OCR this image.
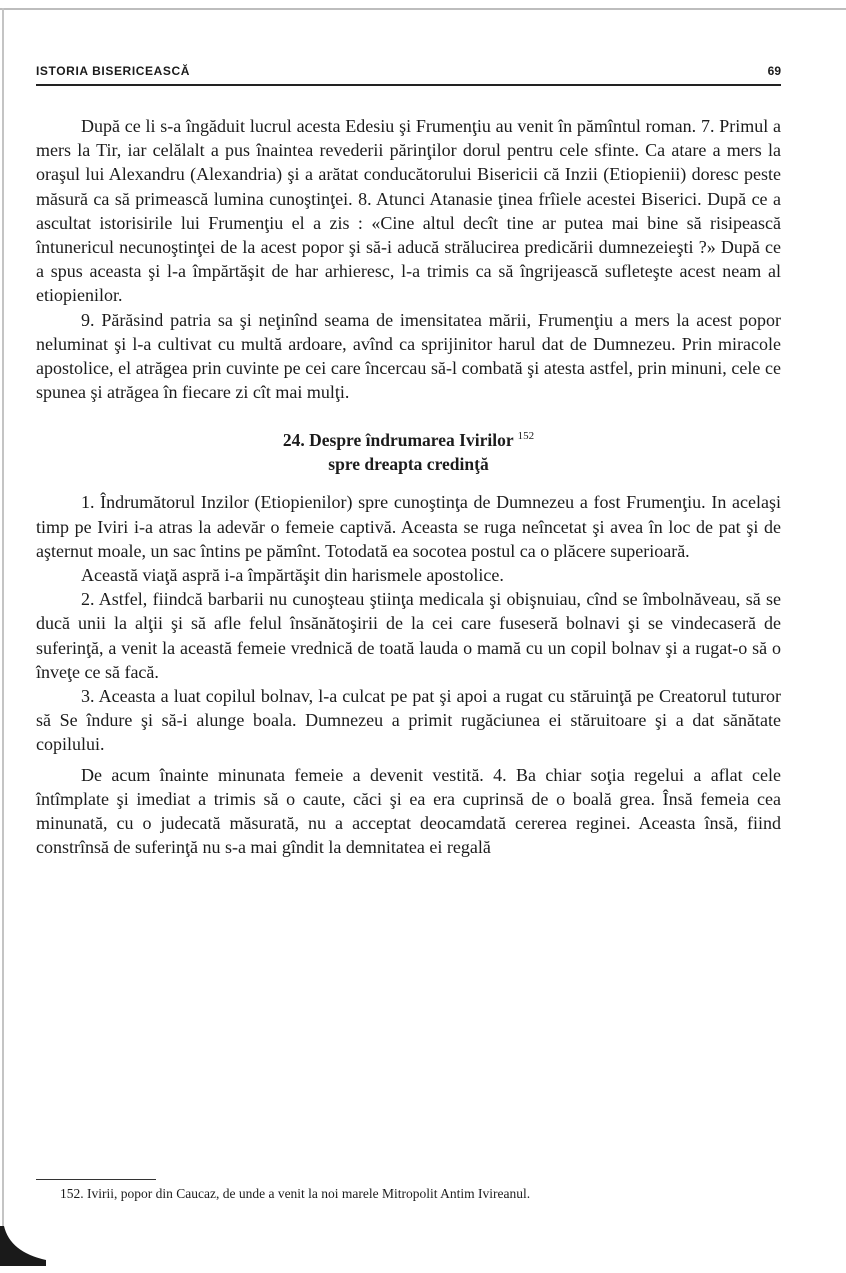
ISTORIA BISERICEASCĂ	69

După ce li s-a îngăduit lucrul acesta Edesiu şi Frumenţiu au venit în pămîntul roman. 7. Primul a mers la Tir, iar celălalt a pus înaintea revederii părinţilor dorul pentru cele sfinte. Ca atare a mers la oraşul lui Alexandru (Alexandria) şi a arătat conducătorului Bisericii că Inzii (Etiopienii) doresc peste măsură ca să primească lumina cunoştinţei. 8. Atunci Atanasie ţinea frîiele acestei Biserici. După ce a ascultat istorisirile lui Frumenţiu el a zis : «Cine altul decît tine ar putea mai bine să risipească întunericul necunoştinţei de la acest popor şi să-i aducă strălucirea predicării dumnezeieşti ?» După ce a spus aceasta şi l-a împărtăşit de har arhieresc, l-a trimis ca să îngrijească sufleteşte acest neam al etiopienilor.

9. Părăsind patria sa şi neţinînd seama de imensitatea mării, Frumenţiu a mers la acest popor neluminat şi l-a cultivat cu multă ardoare, avînd ca sprijinitor harul dat de Dumnezeu. Prin miracole apostolice, el atrăgea prin cuvinte pe cei care încercau să-l combată şi atesta astfel, prin minuni, cele ce spunea şi atrăgea în fiecare zi cît mai mulţi.

24. Despre îndrumarea Ivirilor $^{152}$
spre dreapta credinţă

1. Îndrumătorul Inzilor (Etiopienilor) spre cunoştinţa de Dumnezeu a fost Frumenţiu. In acelaşi timp pe Iviri i-a atras la adevăr o femeie captivă. Aceasta se ruga neîncetat şi avea în loc de pat şi de aşternut moale, un sac întins pe pămînt. Totodată ea socotea postul ca o plăcere superioară.

Această viaţă aspră i-a împărtăşit din harismele apostolice.

2. Astfel, fiindcă barbarii nu cunoşteau ştiinţa medicala şi obişnuiau, cînd se îmbolnăveau, să se ducă unii la alţii şi să afle felul însănătoşirii de la cei care fuseseră bolnavi şi se vindecaseră de suferinţă, a venit la această femeie vrednică de toată lauda o mamă cu un copil bolnav şi a rugat-o să o înveţe ce să facă.

3. Aceasta a luat copilul bolnav, l-a culcat pe pat şi apoi a rugat cu stăruinţă pe Creatorul tuturor să Se îndure şi să-i alunge boala. Dumnezeu a primit rugăciunea ei stăruitoare şi a dat sănătate copilului.

De acum înainte minunata femeie a devenit vestită. 4. Ba chiar soţia regelui a aflat cele întîmplate şi imediat a trimis să o caute, căci şi ea era cuprinsă de o boală grea. Însă femeia cea minunată, cu o judecată măsurată, nu a acceptat deocamdată cererea reginei. Aceasta însă, fiind constrînsă de suferinţă nu s-a mai gîndit la demnitatea ei regală

152. Ivirii, popor din Caucaz, de unde a venit la noi marele Mitropolit Antim Ivireanul.
